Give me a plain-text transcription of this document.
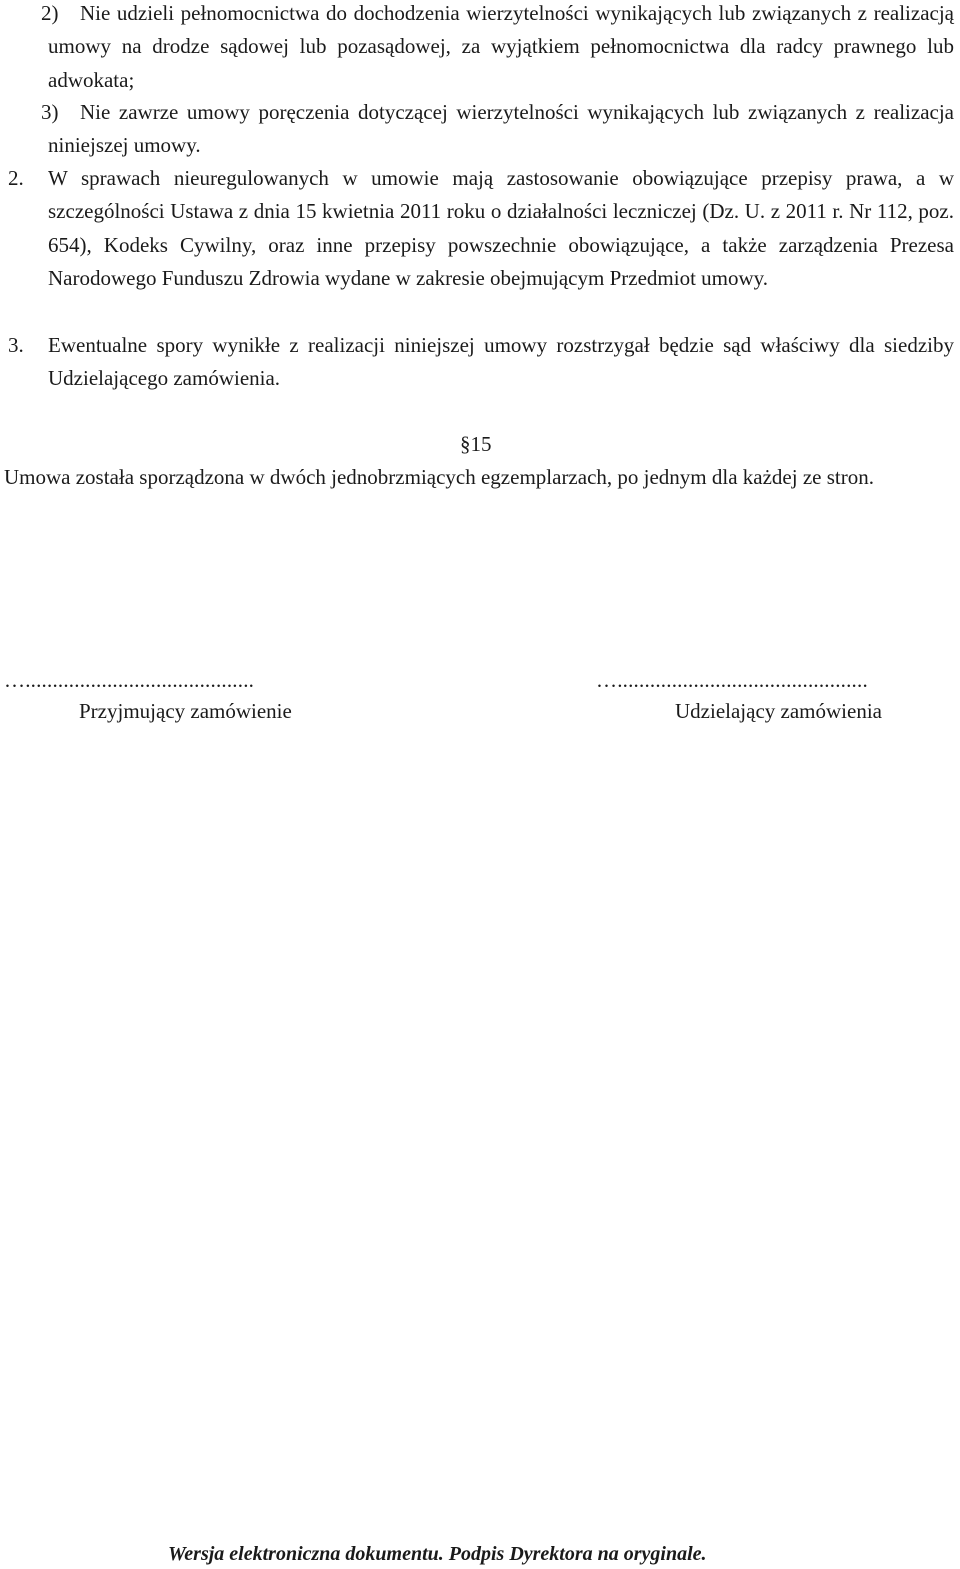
2)	Nie udzieli pełnomocnictwa do dochodzenia wierzytelności wynikających lub związanych z realizacją umowy na drodze sądowej lub pozasądowej, za wyjątkiem pełnomocnictwa dla radcy prawnego lub adwokata;
3)	Nie zawrze umowy poręczenia dotyczącej wierzytelności wynikających lub związanych z realizacja niniejszej umowy.
2. W sprawach nieuregulowanych w umowie mają zastosowanie obowiązujące przepisy prawa, a w szczególności Ustawa z dnia 15 kwietnia 2011 roku o działalności leczniczej (Dz. U. z 2011 r. Nr 112, poz. 654), Kodeks Cywilny, oraz inne przepisy powszechnie obowiązujące, a także zarządzenia Prezesa Narodowego Funduszu Zdrowia wydane w zakresie obejmującym Przedmiot umowy.
3. Ewentualne spory wynikłe z realizacji niniejszej umowy rozstrzygał będzie sąd właściwy dla siedziby Udzielającego zamówienia.

§15

Umowa została sporządzona w dwóch jednobrzmiących egzemplarzach, po jednym dla każdej ze stron.

…..........................................	…..............................................
Przyjmujący zamówienie	Udzielający zamówienia
Wersja elektroniczna dokumentu. Podpis Dyrektora na oryginale.
